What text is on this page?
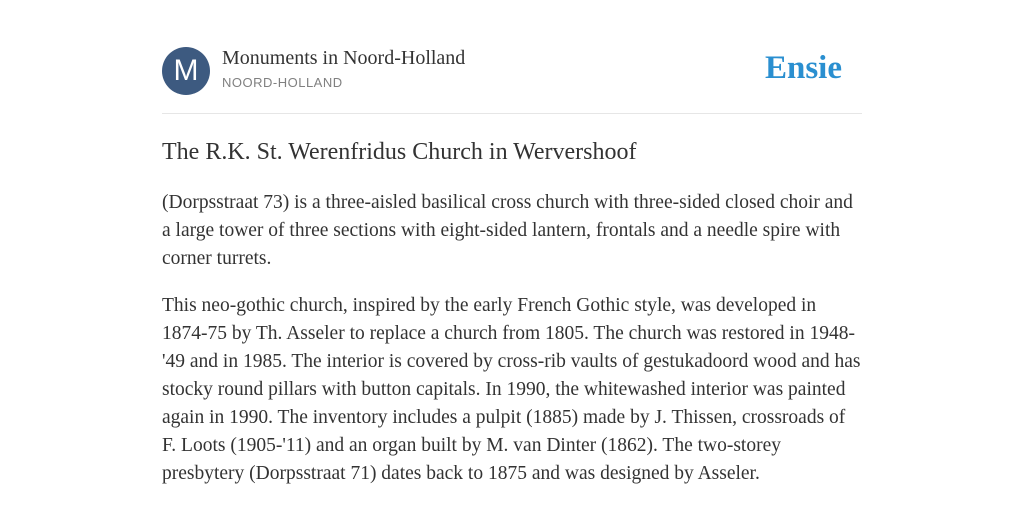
M	Monuments in Noord-Holland
NOORD-HOLLAND	Ensie
The R.K. St. Werenfridus Church in Wervershoof

(Dorpsstraat 73) is a three-aisled basilical cross church with three-sided closed choir and a large tower of three sections with eight-sided lantern, frontals and a needle spire with corner turrets.

This neo-gothic church, inspired by the early French Gothic style, was developed in 1874-75 by Th. Asseler to replace a church from 1805. The church was restored in 1948-'49 and in 1985. The interior is covered by cross-rib vaults of gestukadoord wood and has stocky round pillars with button capitals. In 1990, the whitewashed interior was painted again in 1990. The inventory includes a pulpit (1885) made by J. Thissen, crossroads of F. Loots (1905-'11) and an organ built by M. van Dinter (1862). The two-storey presbytery (Dorpsstraat 71) dates back to 1875 and was designed by Asseler.
